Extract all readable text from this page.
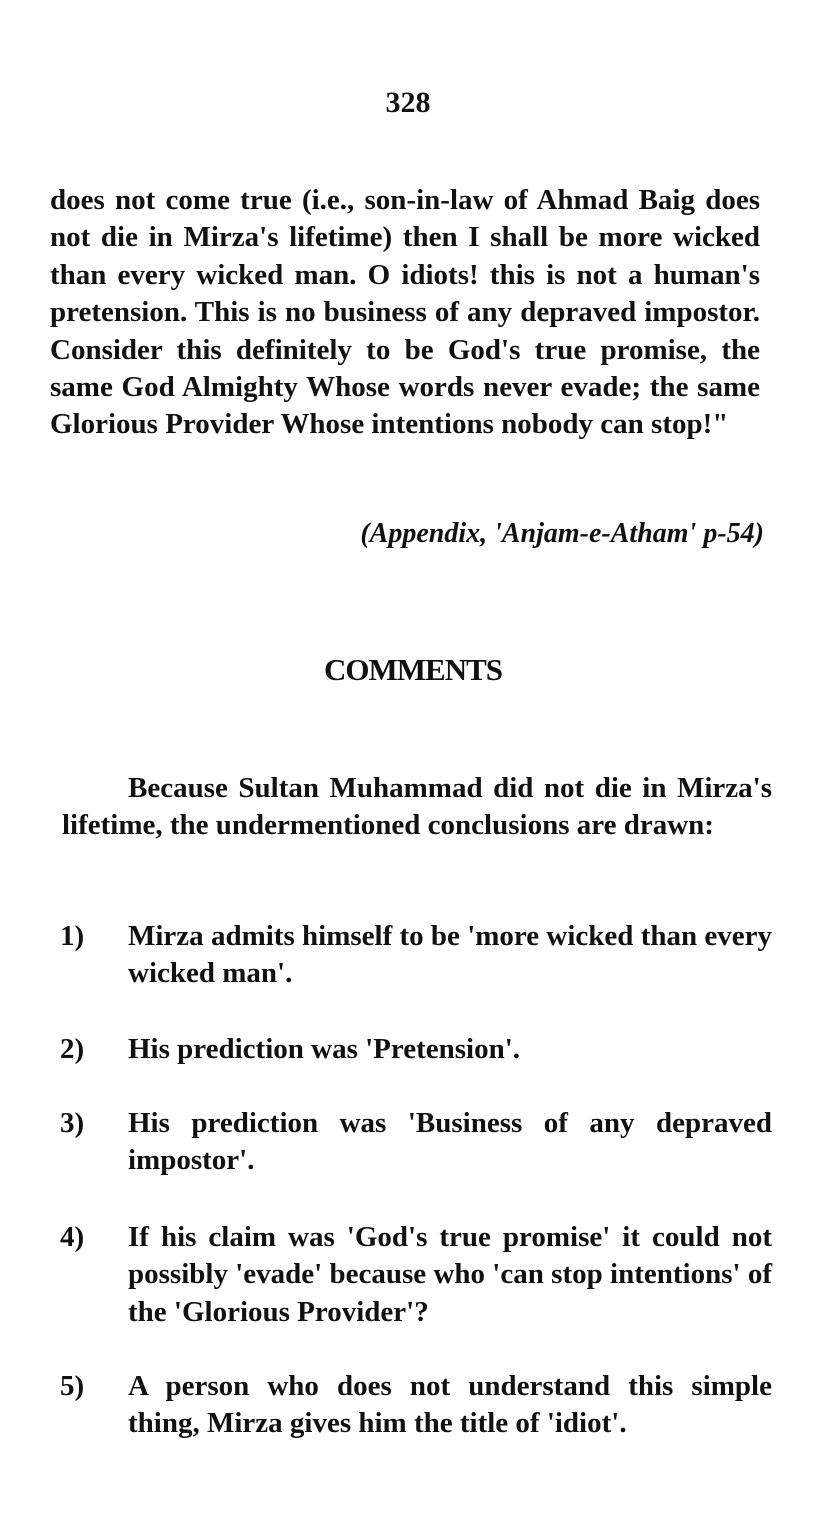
328

does not come true (i.e., son-in-law of Ahmad Baig does not die in Mirza's lifetime) then I shall be more wicked than every wicked man. O idiots! this is not a human's pretension. This is no business of any depraved impostor. Consider this definitely to be God's true promise, the same God Almighty Whose words never evade; the same Glorious Provider Whose intentions nobody can stop!"

(Appendix, 'Anjam-e-Atham' p-54)
COMMENTS

Because Sultan Muhammad did not die in Mirza's lifetime, the undermentioned conclusions are drawn:

1) Mirza admits himself to be 'more wicked than every wicked man'.
2) His prediction was 'Pretension'.
3) His prediction was 'Business of any depraved impostor'.
4) If his claim was 'God's true promise' it could not possibly 'evade' because who 'can stop intentions' of the 'Glorious Provider'?
5) A person who does not understand this simple thing, Mirza gives him the title of 'idiot'.
